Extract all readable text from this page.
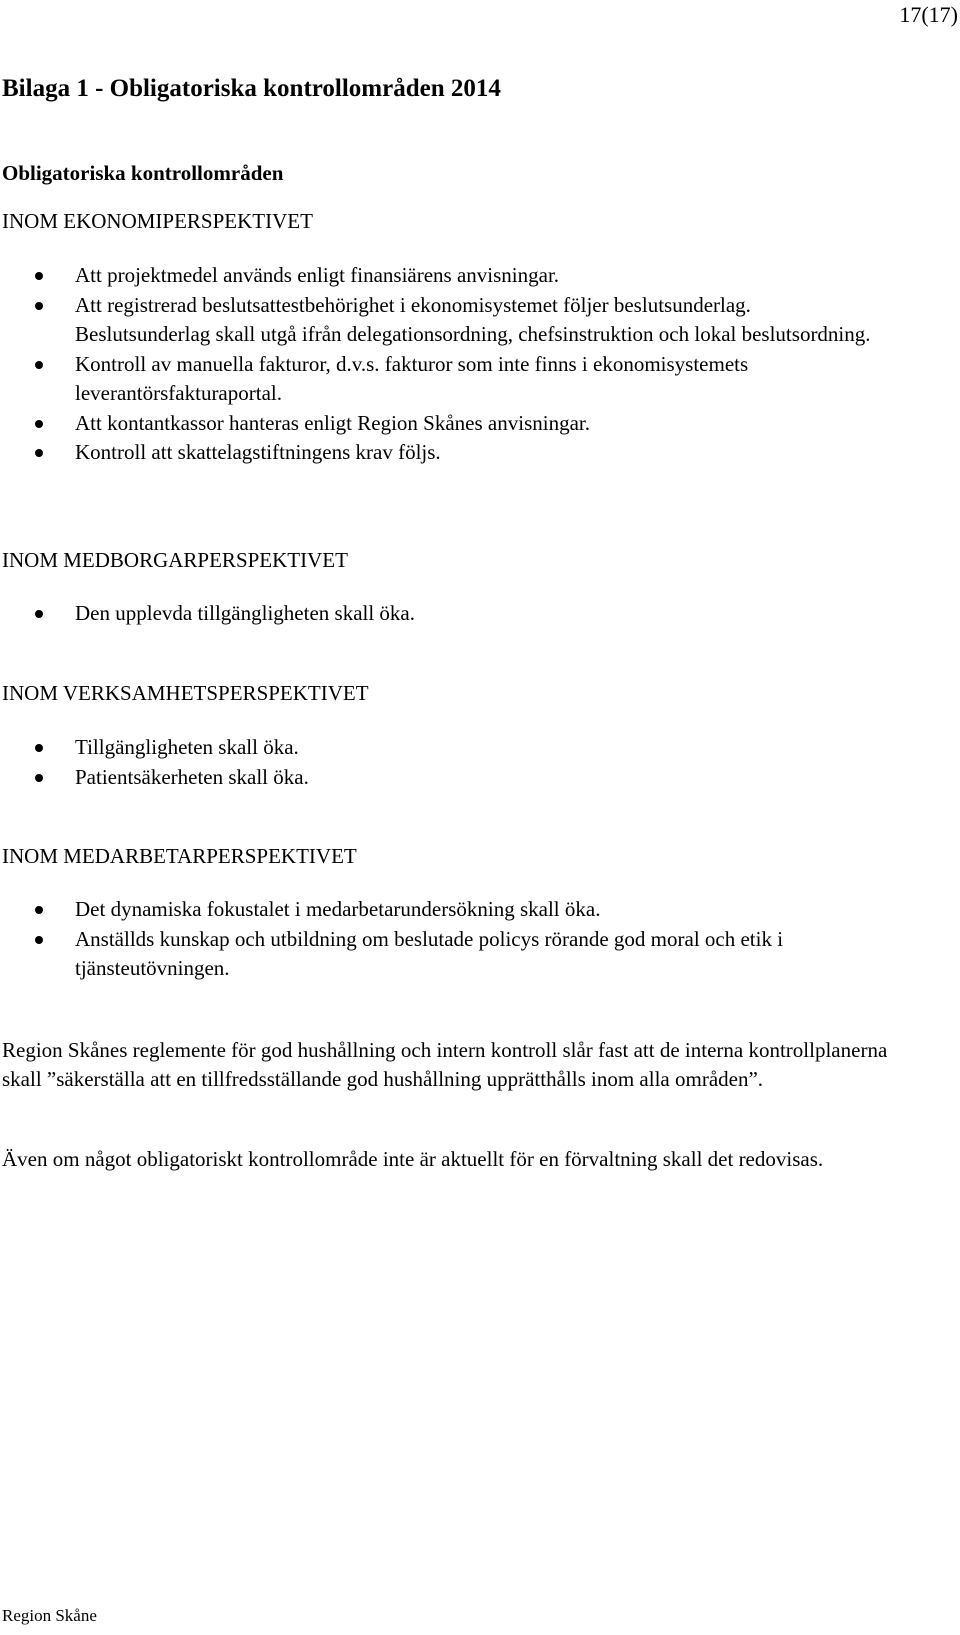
17(17)
Bilaga 1 - Obligatoriska kontrollområden 2014
Obligatoriska kontrollområden
INOM EKONOMIPERSPEKTIVET
Att projektmedel används enligt finansiärens anvisningar.
Att registrerad beslutsattestbehörighet i ekonomisystemet följer beslutsunderlag. Beslutsunderlag skall utgå ifrån delegationsordning, chefsinstruktion och lokal beslutsordning.
Kontroll av manuella fakturor, d.v.s. fakturor som inte finns i ekonomisystemets leverantörsfakturaportal.
Att kontantkassor hanteras enligt Region Skånes anvisningar.
Kontroll att skattelagstiftningens krav följs.
INOM MEDBORGARPERSPEKTIVET
Den upplevda tillgängligheten skall öka.
INOM VERKSAMHETSPERSPEKTIVET
Tillgängligheten skall öka.
Patientsäkerheten skall öka.
INOM MEDARBETARPERSPEKTIVET
Det dynamiska fokustalet i medarbetarundersökning skall öka.
Anställds kunskap och utbildning om beslutade policys rörande god moral och etik i tjänsteutövningen.

Region Skånes reglemente för god hushållning och intern kontroll slår fast att de interna kontrollplanerna skall ”säkerställa att en tillfredsställande god hushållning upprätthålls inom alla områden”.

Även om något obligatoriskt kontrollområde inte är aktuellt för en förvaltning skall det redovisas.

Region Skåne
